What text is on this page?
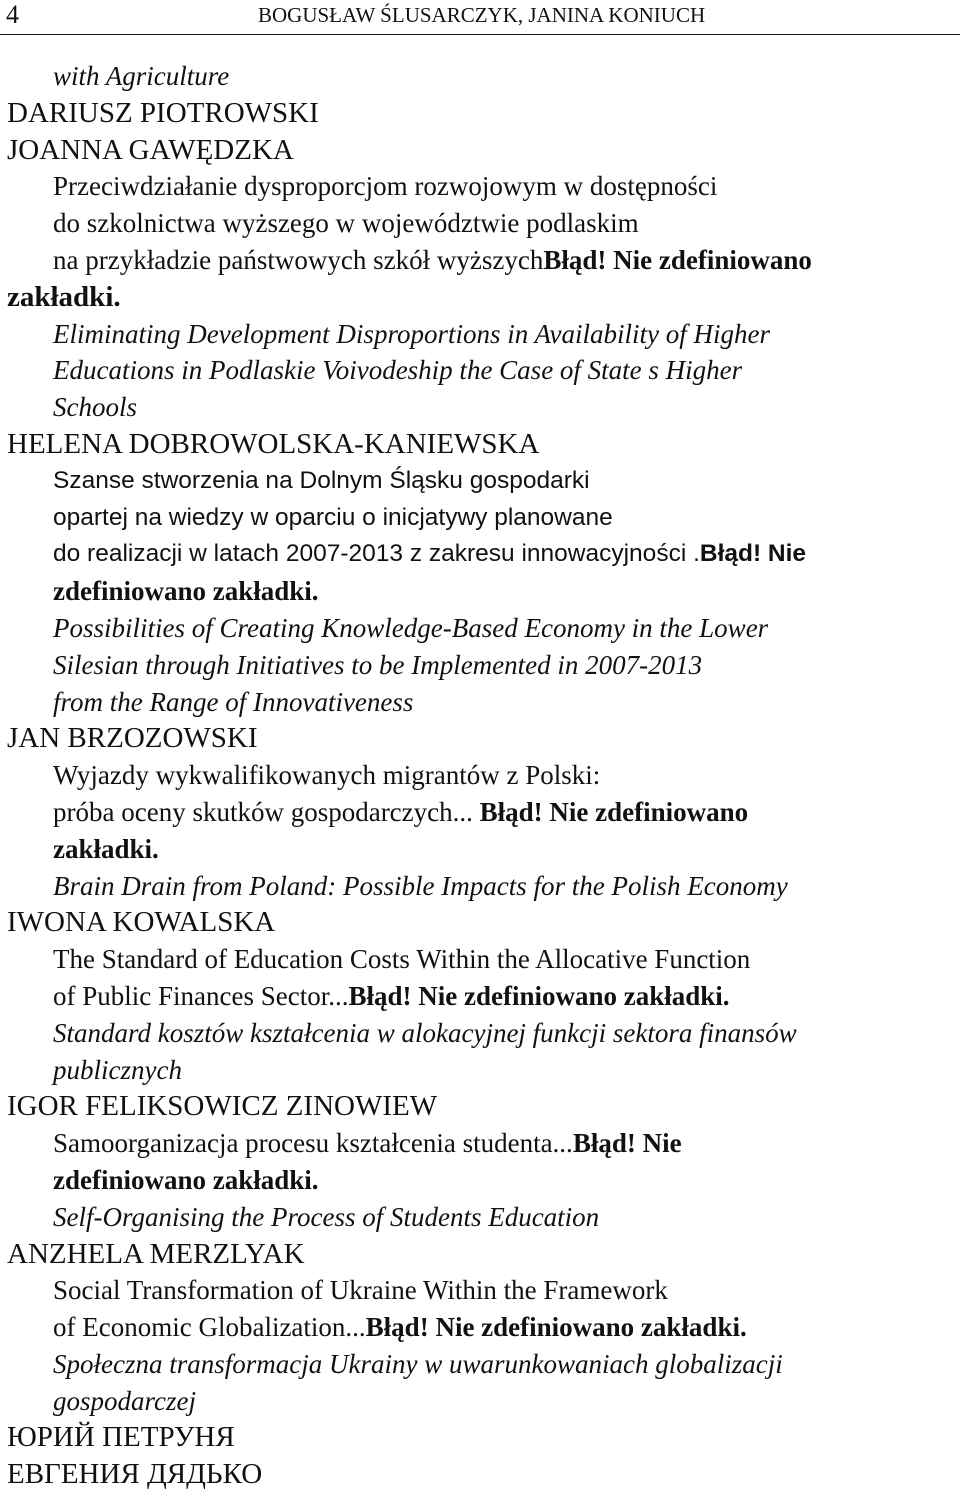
4	BOGUSŁAW ŚLUSARCZYK, JANINA KONIUCH
with Agriculture
DARIUSZ PIOTROWSKI
JOANNA GAWĘDZKA
Przeciwdziałanie dysproporcjom rozwojowym w dostępności
do szkolnictwa wyższego w województwie podlaskim
na przykładzie państwowych szkół wyższychBłąd! Nie zdefiniowano
zakładki.
Eliminating Development Disproportions in Availability of Higher
Educations in Podlaskie Voivodeship the Case of State s Higher
Schools
HELENA DOBROWOLSKA-KANIEWSKA
Szanse stworzenia na Dolnym Śląsku gospodarki
opartej na wiedzy w oparciu o inicjatywy planowane
do realizacji w latach 2007-2013 z zakresu innowacyjności .Błąd! Nie
zdefiniowano zakładki.
Possibilities of Creating Knowledge-Based Economy in the Lower
Silesian through Initiatives to be Implemented in 2007-2013
from the Range of Innovativeness
JAN BRZOZOWSKI
Wyjazdy wykwalifikowanych migrantów z Polski:
próba oceny skutków gospodarczych... Błąd! Nie zdefiniowano
zakładki.
Brain Drain from Poland: Possible Impacts for the Polish Economy
IWONA KOWALSKA
The Standard of Education Costs Within the Allocative Function
of Public Finances Sector...Błąd! Nie zdefiniowano zakładki.
Standard kosztów kształcenia w alokacyjnej funkcji sektora finansów
publicznych
IGOR FELIKSOWICZ ZINOWIEW
Samoorganizacja procesu kształcenia studenta...Błąd! Nie
zdefiniowano zakładki.
Self-Organising the Process of Students Education
ANZHELA MERZLYAK
Social Transformation of Ukraine Within the Framework
of Economic Globalization...Błąd! Nie zdefiniowano zakładki.
Społeczna transformacja Ukrainy w uwarunkowaniach globalizacji
gospodarczej
ЮРИЙ ПЕТРУНЯ
ЕВГЕНИЯ ДЯДЬКО
